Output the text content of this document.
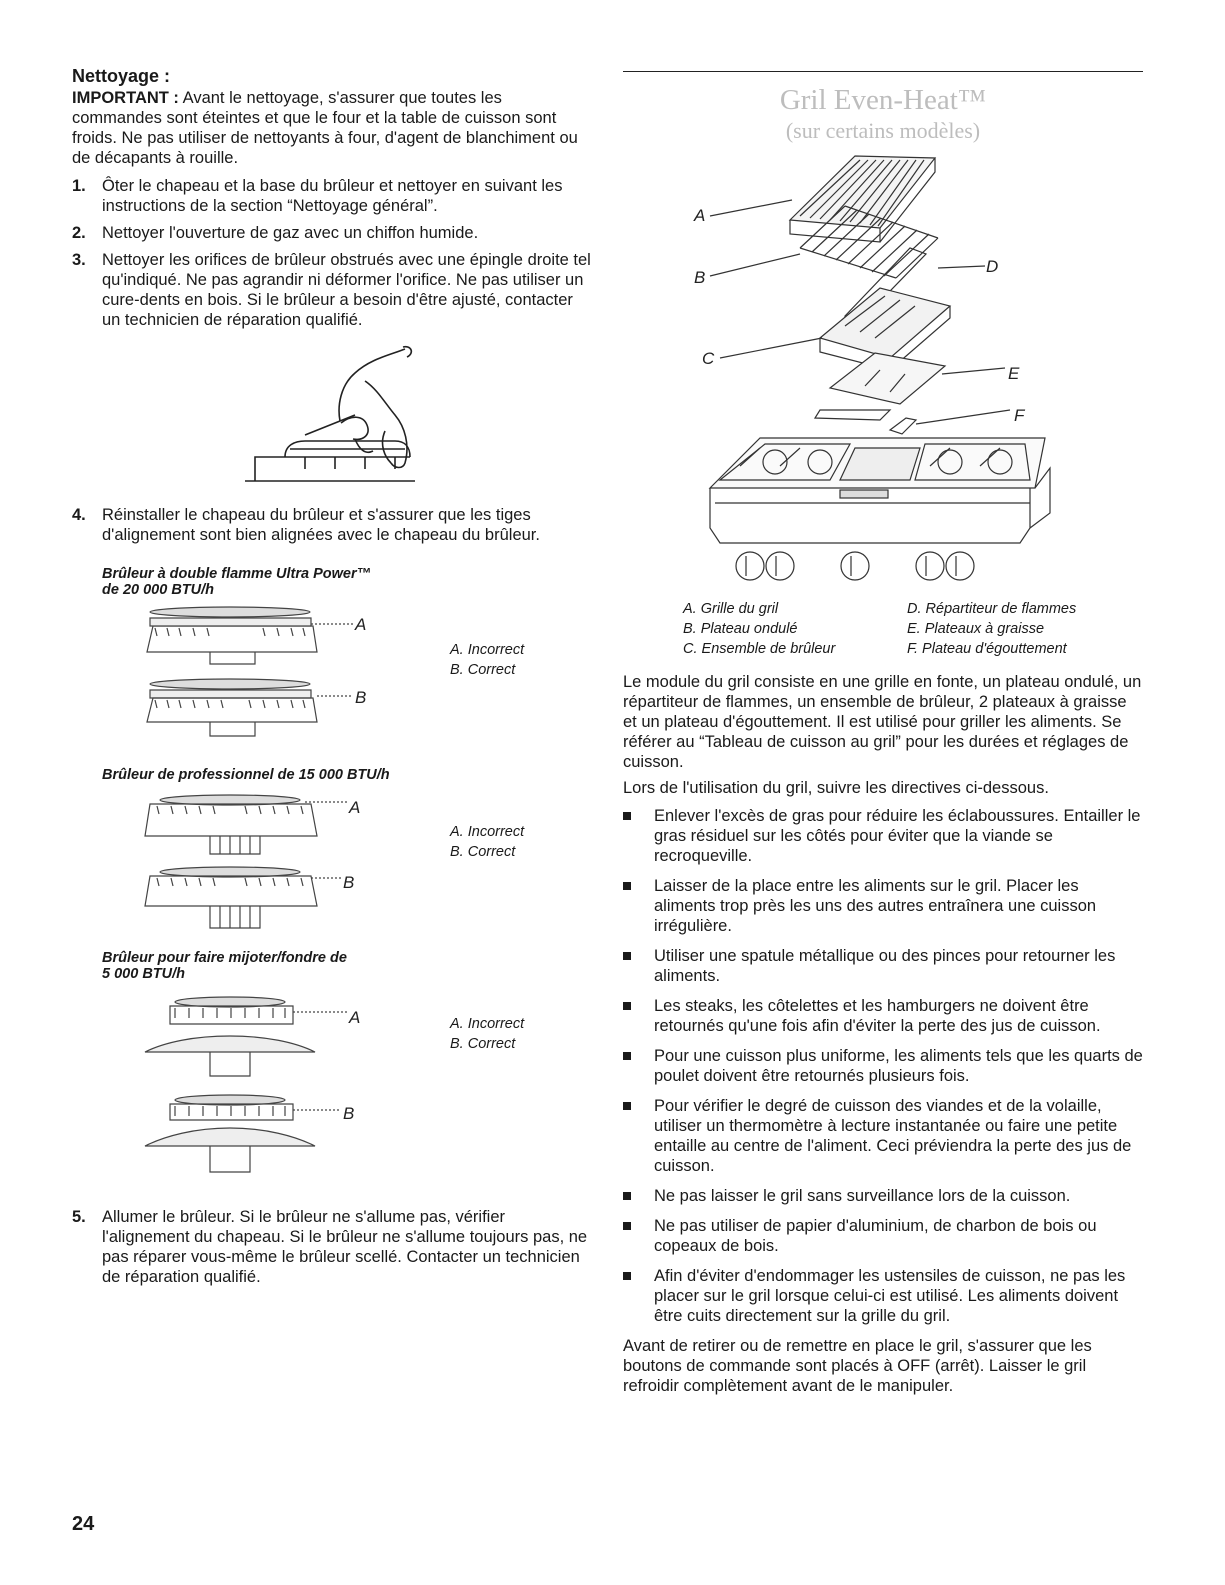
Nettoyage :

IMPORTANT : Avant le nettoyage, s'assurer que toutes les commandes sont éteintes et que le four et la table de cuisson sont froids. Ne pas utiliser de nettoyants à four, d'agent de blanchiment ou de décapants à rouille.

1. Ôter le chapeau et la base du brûleur et nettoyer en suivant les instructions de la section “Nettoyage général”.
2. Nettoyer l'ouverture de gaz avec un chiffon humide.
3. Nettoyer les orifices de brûleur obstrués avec une épingle droite tel qu'indiqué. Ne pas agrandir ni déformer l'orifice. Ne pas utiliser un cure-dents en bois. Si le brûleur a besoin d'être ajusté, contacter un technicien de réparation qualifié.
4. Réinstaller le chapeau du brûleur et s'assurer que les tiges d'alignement sont bien alignées avec le chapeau du brûleur.
Brûleur à double flamme Ultra Power™
de 20 000 BTU/h
A
B
A. Incorrect
B. Correct
Brûleur de professionnel de 15 000 BTU/h
A
B
A. Incorrect
B. Correct
Brûleur pour faire mijoter/fondre de
5 000 BTU/h
A
B
A. Incorrect
B. Correct
5. Allumer le brûleur. Si le brûleur ne s'allume pas, vérifier l'alignement du chapeau. Si le brûleur ne s'allume toujours pas, ne pas réparer vous-même le brûleur scellé. Contacter un technicien de réparation qualifié.
Gril Even-Heat™
(sur certains modèles)
A
B
D
C
E
F
A. Grille du gril
B. Plateau ondulé
C. Ensemble de brûleur
D. Répartiteur de flammes
E. Plateaux à graisse
F. Plateau d'égouttement

Le module du gril consiste en une grille en fonte, un plateau ondulé, un répartiteur de flammes, un ensemble de brûleur, 2 plateaux à graisse et un plateau d'égouttement. Il est utilisé pour griller les aliments. Se référer au “Tableau de cuisson au gril” pour les durées et réglages de cuisson.

Lors de l'utilisation du gril, suivre les directives ci-dessous.

Enlever l'excès de gras pour réduire les éclaboussures. Entailler le gras résiduel sur les côtés pour éviter que la viande se recroqueville.
Laisser de la place entre les aliments sur le gril. Placer les aliments trop près les uns des autres entraînera une cuisson irrégulière.
Utiliser une spatule métallique ou des pinces pour retourner les aliments.
Les steaks, les côtelettes et les hamburgers ne doivent être retournés qu'une fois afin d'éviter la perte des jus de cuisson.
Pour une cuisson plus uniforme, les aliments tels que les quarts de poulet doivent être retournés plusieurs fois.
Pour vérifier le degré de cuisson des viandes et de la volaille, utiliser un thermomètre à lecture instantanée ou faire une petite entaille au centre de l'aliment. Ceci préviendra la perte des jus de cuisson.
Ne pas laisser le gril sans surveillance lors de la cuisson.
Ne pas utiliser de papier d'aluminium, de charbon de bois ou copeaux de bois.
Afin d'éviter d'endommager les ustensiles de cuisson, ne pas les placer sur le gril lorsque celui-ci est utilisé. Les aliments doivent être cuits directement sur la grille du gril.

Avant de retirer ou de remettre en place le gril, s'assurer que les boutons de commande sont placés à OFF (arrêt). Laisser le gril refroidir complètement avant de le manipuler.

24
